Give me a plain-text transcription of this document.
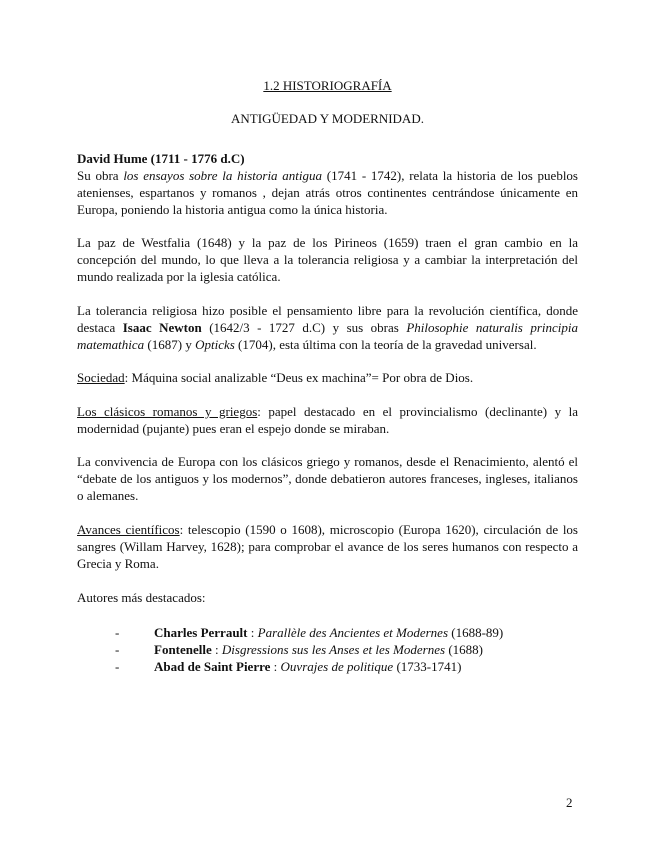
1.2 HISTORIOGRAFÍA
ANTIGÜEDAD Y MODERNIDAD.

David Hume (1711 - 1776 d.C)
Su obra los ensayos sobre la historia antigua (1741 - 1742), relata la historia de los pueblos atenienses, espartanos y romanos , dejan atrás otros continentes centrándose únicamente en Europa, poniendo la historia antigua como la única historia.

La paz de Westfalia (1648) y la paz de los Pirineos (1659) traen el gran cambio en la concepción del mundo, lo que lleva a la tolerancia religiosa y a cambiar la interpretación del mundo realizada por la iglesia católica.

La tolerancia religiosa hizo posible el pensamiento libre para la revolución científica, donde destaca Isaac Newton (1642/3 - 1727 d.C) y sus obras Philosophie naturalis principia matemathica (1687) y Opticks (1704), esta última con la teoría de la gravedad universal.

Sociedad: Máquina social analizable “Deus ex machina”= Por obra de Dios.

Los clásicos romanos y griegos: papel destacado en el provincialismo (declinante) y la modernidad (pujante) pues eran el espejo donde se miraban.

La convivencia de Europa con los clásicos griego y romanos, desde el Renacimiento, alentó el “debate de los antiguos y los modernos”, donde debatieron autores franceses, ingleses, italianos o alemanes.

Avances científicos: telescopio (1590 o 1608), microscopio (Europa 1620), circulación de los sangres (Willam Harvey, 1628); para comprobar el avance de los seres humanos con respecto a Grecia y Roma.

Autores más destacados:

-	Charles Perrault : Parallèle des Ancientes et Modernes (1688-89)
-	Fontenelle : Disgressions sus les Anses et les Modernes (1688)
-	Abad de Saint Pierre : Ouvrajes de politique (1733-1741)
2
